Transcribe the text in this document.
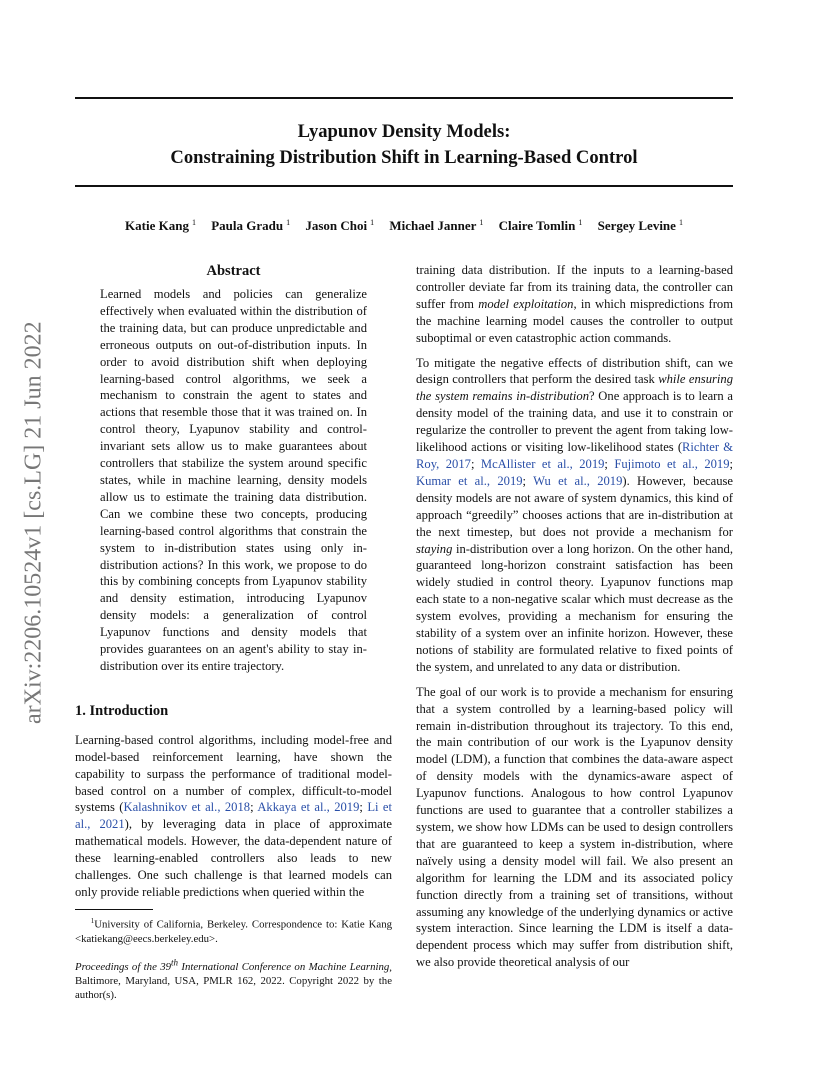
arXiv:2206.10524v1 [cs.LG] 21 Jun 2022
Lyapunov Density Models:
Constraining Distribution Shift in Learning-Based Control
Katie Kang $^1$ Paula Gradu $^1$ Jason Choi $^1$ Michael Janner $^1$ Claire Tomlin $^1$ Sergey Levine $^1$
Abstract
Learned models and policies can generalize effectively when evaluated within the distribution of the training data, but can produce unpredictable and erroneous outputs on out-of-distribution inputs. In order to avoid distribution shift when deploying learning-based control algorithms, we seek a mechanism to constrain the agent to states and actions that resemble those that it was trained on. In control theory, Lyapunov stability and control-invariant sets allow us to make guarantees about controllers that stabilize the system around specific states, while in machine learning, density models allow us to estimate the training data distribution. Can we combine these two concepts, producing learning-based control algorithms that constrain the system to in-distribution states using only in-distribution actions? In this work, we propose to do this by combining concepts from Lyapunov stability and density estimation, introducing Lyapunov density models: a generalization of control Lyapunov functions and density models that provides guarantees on an agent's ability to stay in-distribution over its entire trajectory.
1. Introduction

Learning-based control algorithms, including model-free and model-based reinforcement learning, have shown the capability to surpass the performance of traditional model-based control on a number of complex, difficult-to-model systems (Kalashnikov et al., 2018; Akkaya et al., 2019; Li et al., 2021), by leveraging data in place of approximate mathematical models. However, the data-dependent nature of these learning-enabled controllers also leads to new challenges. One such challenge is that learned models can only provide reliable predictions when queried within the

$^1$University of California, Berkeley. Correspondence to: Katie Kang <katiekang@eecs.berkeley.edu>.
Proceedings of the 39th International Conference on Machine Learning, Baltimore, Maryland, USA, PMLR 162, 2022. Copyright 2022 by the author(s).

training data distribution. If the inputs to a learning-based controller deviate far from its training data, the controller can suffer from model exploitation, in which mispredictions from the machine learning model causes the controller to output suboptimal or even catastrophic action commands.

To mitigate the negative effects of distribution shift, can we design controllers that perform the desired task while ensuring the system remains in-distribution? One approach is to learn a density model of the training data, and use it to constrain or regularize the controller to prevent the agent from taking low-likelihood actions or visiting low-likelihood states (Richter & Roy, 2017; McAllister et al., 2019; Fujimoto et al., 2019; Kumar et al., 2019; Wu et al., 2019). However, because density models are not aware of system dynamics, this kind of approach “greedily” chooses actions that are in-distribution at the next timestep, but does not provide a mechanism for staying in-distribution over a long horizon. On the other hand, guaranteed long-horizon constraint satisfaction has been widely studied in control theory. Lyapunov functions map each state to a non-negative scalar which must decrease as the system evolves, providing a mechanism for ensuring the stability of a system over an infinite horizon. However, these notions of stability are formulated relative to fixed points of the system, and unrelated to any data or distribution.

The goal of our work is to provide a mechanism for ensuring that a system controlled by a learning-based policy will remain in-distribution throughout its trajectory. To this end, the main contribution of our work is the Lyapunov density model (LDM), a function that combines the data-aware aspect of density models with the dynamics-aware aspect of Lyapunov functions. Analogous to how control Lyapunov functions are used to guarantee that a controller stabilizes a system, we show how LDMs can be used to design controllers that are guaranteed to keep a system in-distribution, where naïvely using a density model will fail. We also present an algorithm for learning the LDM and its associated policy function directly from a training set of transitions, without assuming any knowledge of the underlying dynamics or active system interaction. Since learning the LDM is itself a data-dependent process which may suffer from distribution shift, we also provide theoretical analysis of our
